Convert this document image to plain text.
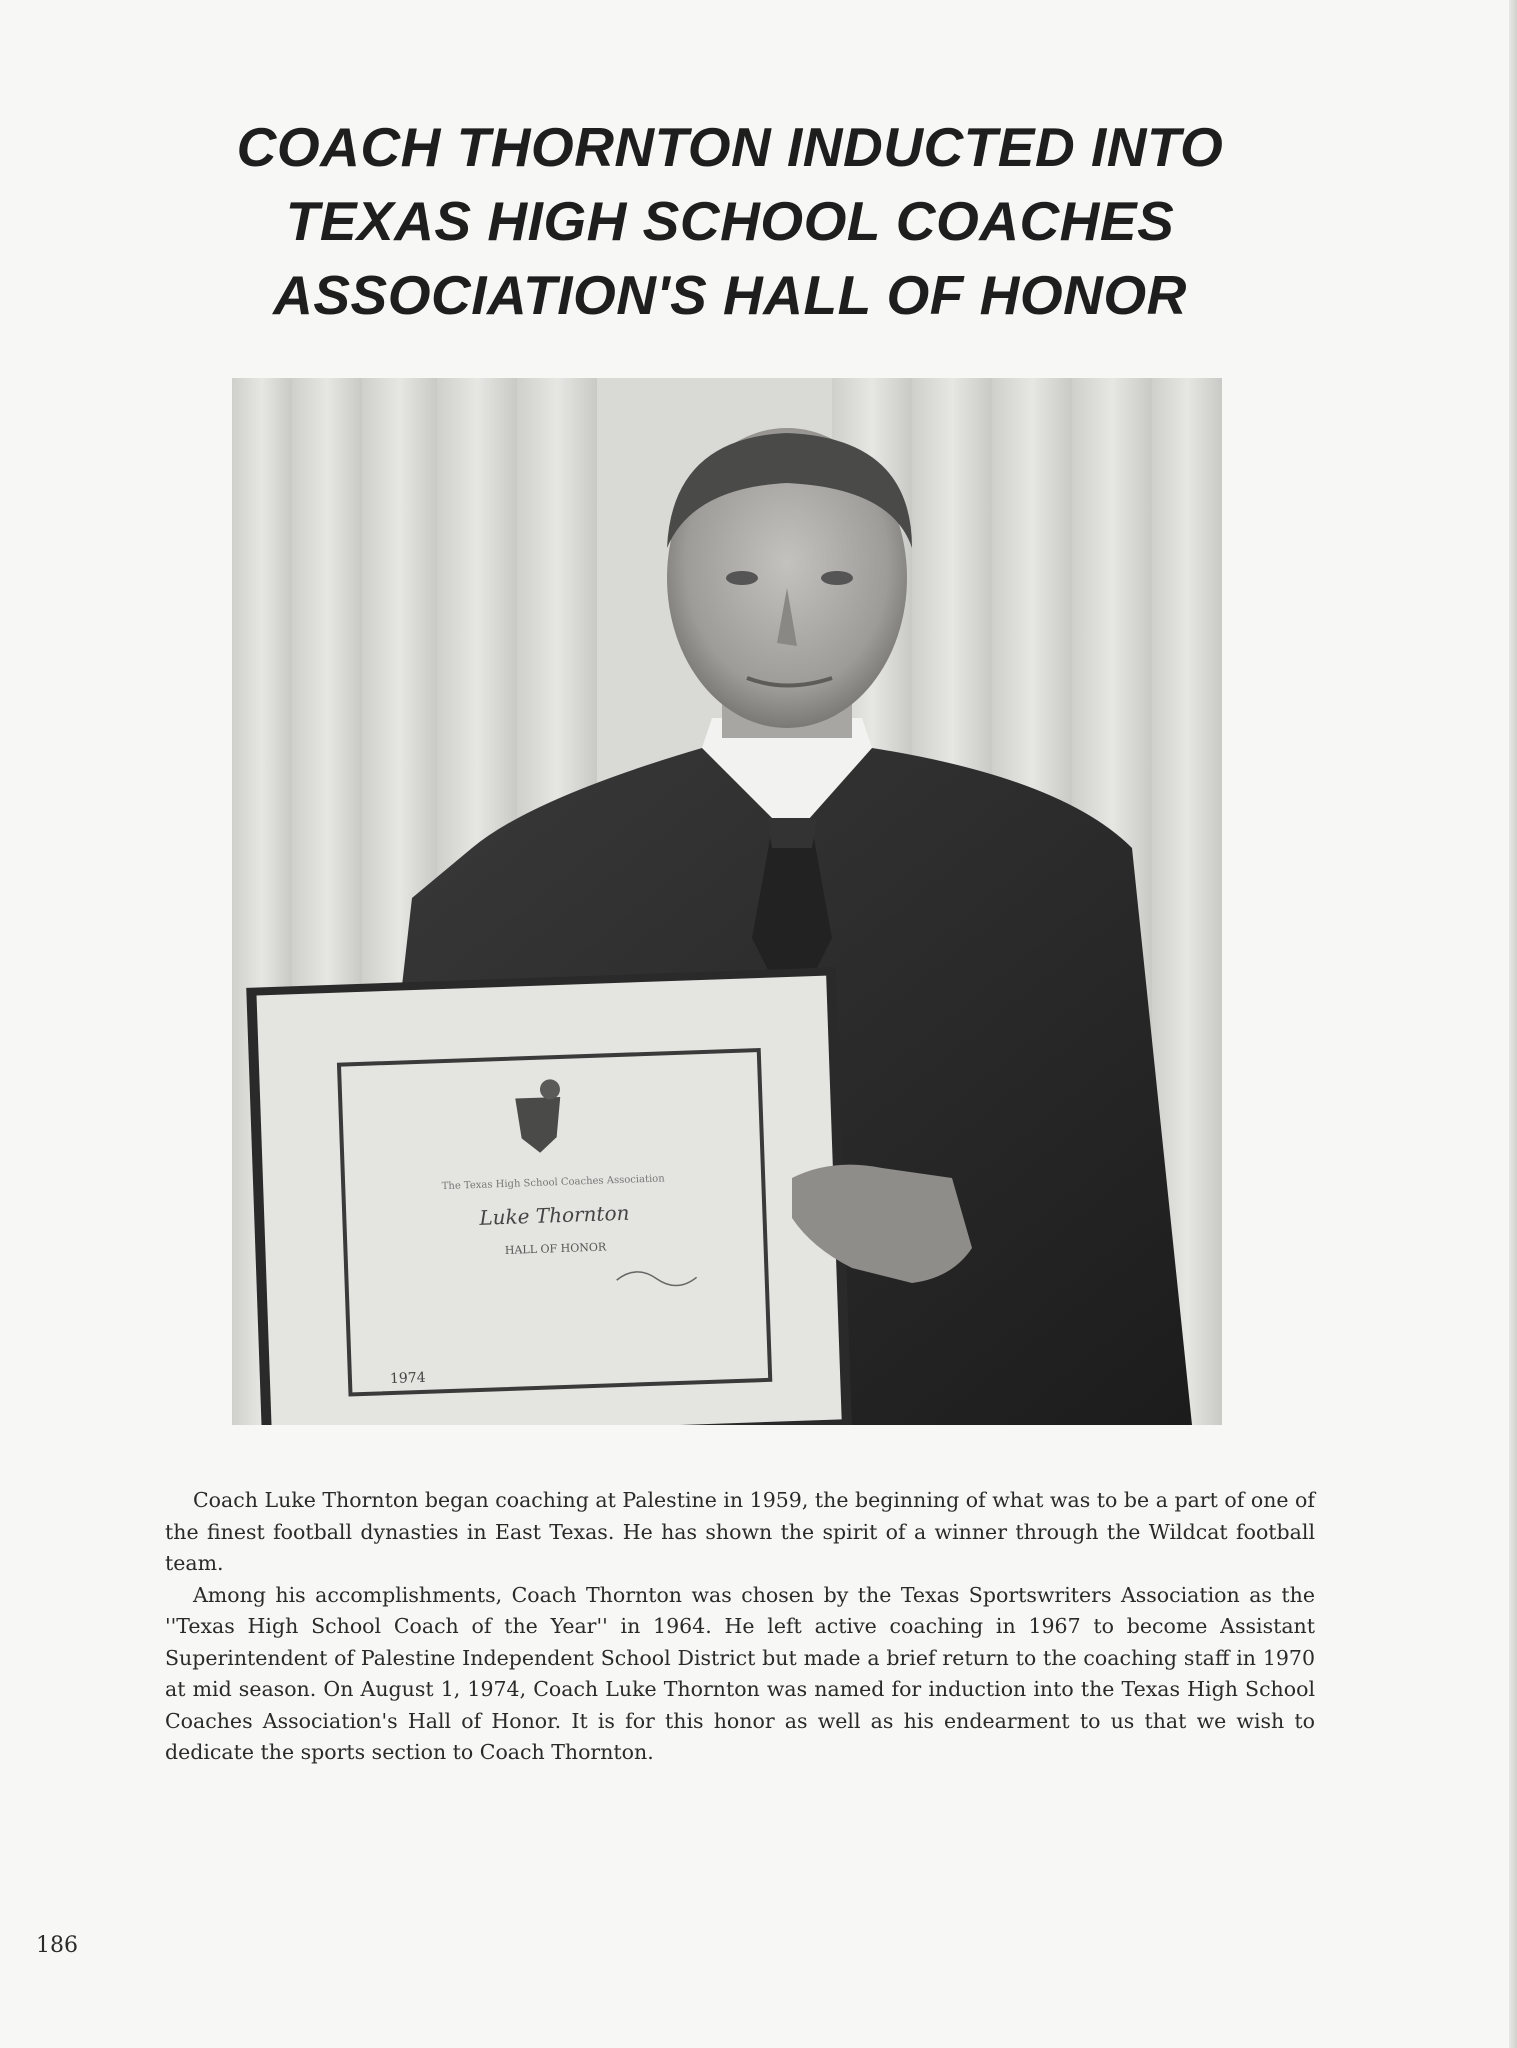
COACH THORNTON INDUCTED INTO
TEXAS HIGH SCHOOL COACHES
ASSOCIATION'S HALL OF HONOR
The Texas High School Coaches Association
Luke Thornton
HALL OF HONOR
1974

Coach Luke Thornton began coaching at Palestine in 1959, the beginning of what was to be a part of one of the finest football dynasties in East Texas. He has shown the spirit of a winner through the Wildcat football team.

Among his accomplishments, Coach Thornton was chosen by the Texas Sportswriters Association as the ''Texas High School Coach of the Year'' in 1964. He left active coaching in 1967 to become Assistant Superintendent of Palestine Independent School District but made a brief return to the coaching staff in 1970 at mid season. On August 1, 1974, Coach Luke Thornton was named for induction into the Texas High School Coaches Association's Hall of Honor. It is for this honor as well as his endearment to us that we wish to dedicate the sports section to Coach Thornton.

186
